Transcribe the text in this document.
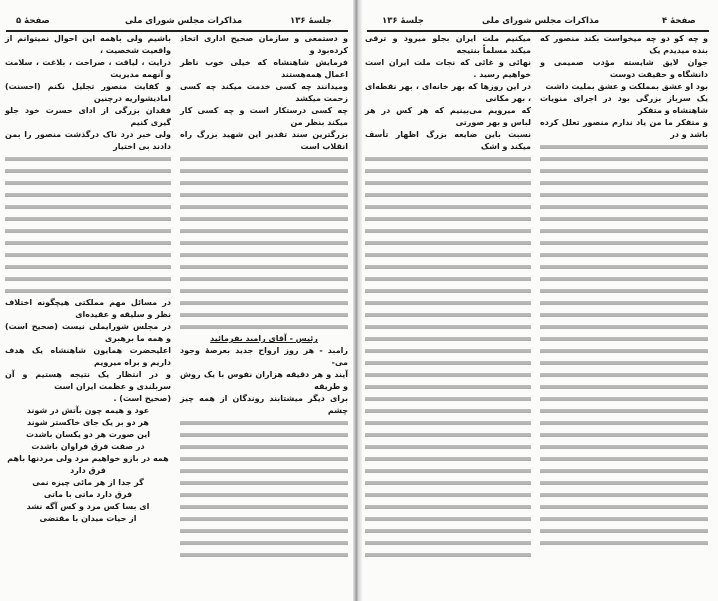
صفحهٔ ۵	مذاکرات مجلس شورای ملی	جلسهٔ ۱۳۶
و دستمعی و سازمان صحیح اداری اتخاذ کرده‌بود و
فرمایش شاهنشاه که خیلی خوب ناظر اعمال همه‌هستند
ومیدانند چه کسی خدمت میکند چه کسی زحمت میکشد
چه کسی درستکار است و چه کسی کار میکند بنظر من
بزرگترین سند تقدیر این شهید بزرگ راه انقلاب است
رئیس - آقای رامبد بفرمائید
رامبد - هر روز ارواح جدید بعرصهٔ وجود می‌-
آیند و هر دقیقه هزاران نفوس با یک روش و طریقه
برای دیگر میشتابند روندگان از همه چیز چشم
باشیم ولی باهمه این احوال نمیتوانم از واقعیت شخصیت ،
درایت ، لیاقت ، صراحت ، بلاغت ، سلامت و آنهمه مدیریت
و کفایت منصور تجلیل نکنم (احسنت) امادیشواریه درچنین
فقدان بزرگی از ادای حسرت خود جلو گیری کنیم
ولی خبر درد ناک درگذشت منصور را بمن دادند بی اختیار
در مسائل مهم مملکتی هیچگونه اختلاف نظر و سلیقه و عقیده‌ای
در مجلس شورایملی نیست (صحیح است) و همه ما برهبری
اعلیحضرت همایون شاهنشاه یک هدف داریم و براه میرویم
و در انتظار یک نتیجه هستیم و آن سربلندی و عظمت ایران است
(صحیح است) .
عود و هیمه چون بآتش در شوند
هر دو بر یک جای خاکستر شوند
این صورت هر دو یکسان باشدت
در صفت فرق فراوان باشدت
همه در بازو خواهیم مرد ولی مردنها باهم فرق دارد
گر جدا از هر مائی چیزه نمی
فرق دارد ماتی با ماتی
ای بسا کس مرد و کس آگه نشد
از حیات میدان با مقتضی
جلسهٔ ۱۳۶	مذاکرات مجلس شورای ملی	صفحهٔ ۴
و چه کو دو چه میخواست بکند منصور که بنده میدیدم یک
جوان لایق شایسته مؤدب صمیمی و دانشگاه و حقیقت دوست
بود او عشق بمملکت و عشق بملیت داشت
یک سرباز بزرگی بود در اجرای منویات شاهنشاه و متفکر
و متفکر ما من یاد ندارم منصور تعلل کرده باشد و در
میکنیم ملت ایران بجلو میرود و ترقی میکند مسلماً بنتیجه
نهائی و غائی که نجات ملت ایران است خواهیم رسید .
در این روزها که بهر خانه‌ای ، بهر نقطه‌ای ، بهر مکانی
که میرویم می‌بینیم که هر کس در هر لباس و بهر صورتی
نسبت باین ضایعه بزرگ اظهار تأسف میکند و اشک
